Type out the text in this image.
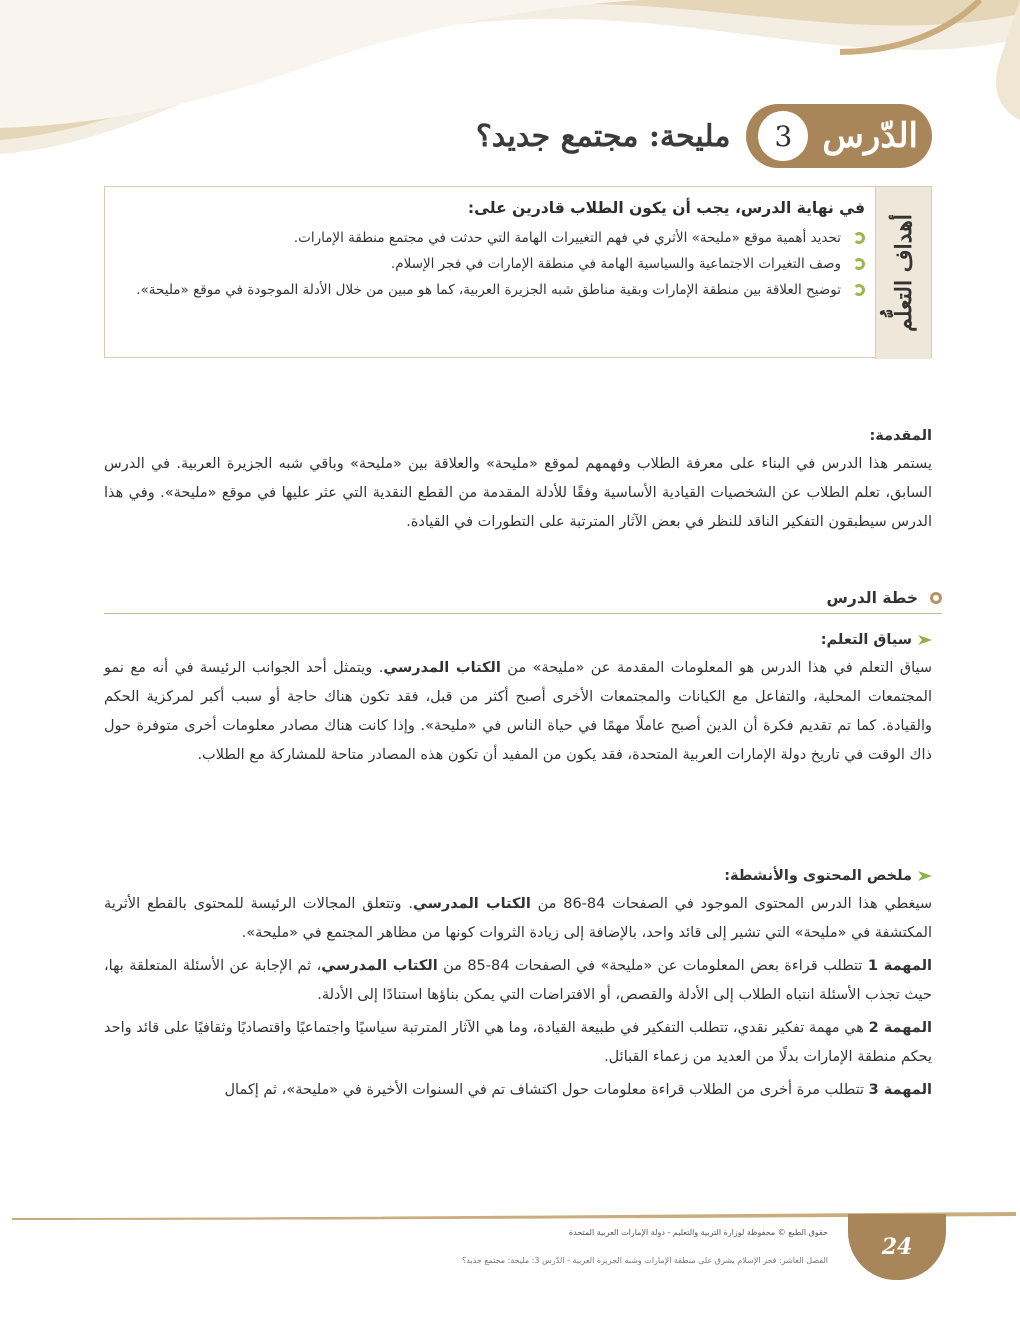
الدّرس
3
مليحة: مجتمع جديد؟
أهداف التعلُّم
في نهاية الدرس، يجب أن يكون الطلاب قادرين على:
تحديد أهمية موقع «مليحة» الأثري في فهم التغييرات الهامة التي حدثت في مجتمع منطقة الإمارات.
وصف التغيرات الاجتماعية والسياسية الهامة في منطقة الإمارات في فجر الإسلام.
توضيح العلاقة بين منطقة الإمارات وبقية مناطق شبه الجزيرة العربية، كما هو مبين من خلال الأدلة الموجودة في موقع «مليحة».
المقدمة:

يستمر هذا الدرس في البناء على معرفة الطلاب وفهمهم لموقع «مليحة» والعلاقة بين «مليحة» وباقي شبه الجزيرة العربية. في الدرس السابق، تعلم الطلاب عن الشخصيات القيادية الأساسية وفقًا للأدلة المقدمة من القطع النقدية التي عثر عليها في موقع «مليحة». وفي هذا الدرس سيطبقون التفكير الناقد للنظر في بعض الآثار المترتبة على التطورات في القيادة.

خطة الدرس
سياق التعلم:

سياق التعلم في هذا الدرس هو المعلومات المقدمة عن «مليحة» من الكتاب المدرسي. ويتمثل أحد الجوانب الرئيسة في أنه مع نمو المجتمعات المحلية، والتفاعل مع الكيانات والمجتمعات الأخرى أصبح أكثر من قبل، فقد تكون هناك حاجة أو سبب أكبر لمركزية الحكم والقيادة. كما تم تقديم فكرة أن الدين أصبح عاملًا مهمًا في حياة الناس في «مليحة». وإذا كانت هناك مصادر معلومات أخرى متوفرة حول ذاك الوقت في تاريخ دولة الإمارات العربية المتحدة، فقد يكون من المفيد أن تكون هذه المصادر متاحة للمشاركة مع الطلاب.

ملخص المحتوى والأنشطة:

سيغطي هذا الدرس المحتوى الموجود في الصفحات 84-86 من الكتاب المدرسي. وتتعلق المجالات الرئيسة للمحتوى بالقطع الأثرية المكتشفة في «مليحة» التي تشير إلى قائد واحد، بالإضافة إلى زيادة الثروات كونها من مظاهر المجتمع في «مليحة».

المهمة 1 تتطلب قراءة بعض المعلومات عن «مليحة» في الصفحات 84-85 من الكتاب المدرسي، ثم الإجابة عن الأسئلة المتعلقة بها، حيث تجذب الأسئلة انتباه الطلاب إلى الأدلة والقصص، أو الافتراضات التي يمكن بناؤها استنادًا إلى الأدلة.

المهمة 2 هي مهمة تفكير نقدي، تتطلب التفكير في طبيعة القيادة، وما هي الآثار المترتبة سياسيًا واجتماعيًا واقتصاديًا وثقافيًا على قائد واحد يحكم منطقة الإمارات بدلًا من العديد من زعماء القبائل.

المهمة 3 تتطلب مرة أخرى من الطلاب قراءة معلومات حول اكتشاف تم في السنوات الأخيرة في «مليحة»، ثم إكمال

24
حقوق الطبع © محفوظة لوزارة التربية والتعليم - دولة الإمارات العربية المتحدة
الفصل العاشر: فجر الإسلام يشرق على منطقة الإمارات وشبه الجزيرة العربية - الدّرس 3: مليحة: مجتمع جديد؟
